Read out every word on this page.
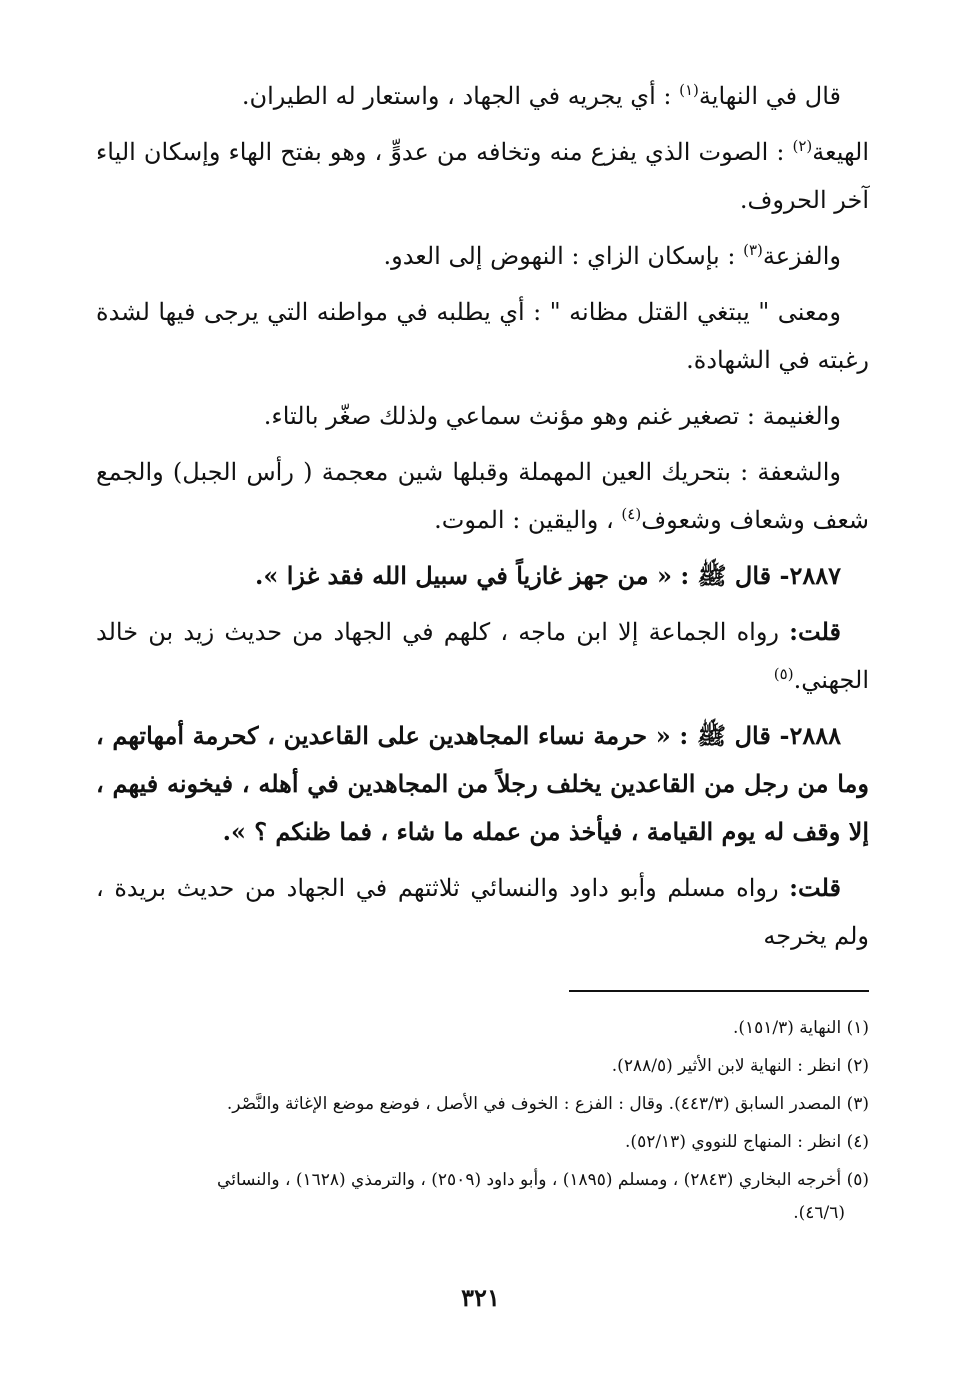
قال في النهاية$^{(١)}$ : أي يجريه في الجهاد ، واستعار له الطيران.

الهيعة$^{(٢)}$ : الصوت الذي يفزع منه وتخافه من عدوٍّ ، وهو بفتح الهاء وإسكان الياء آخر الحروف.

والفزعة$^{(٣)}$ : بإسكان الزاي : النهوض إلى العدو.

ومعنى " يبتغي القتل مظانه " : أي يطلبه في مواطنه التي يرجى فيها لشدة رغبته في الشهادة.

والغنيمة : تصغير غنم وهو مؤنث سماعي ولذلك صغّر بالتاء.

والشعفة : بتحريك العين المهملة وقبلها شين معجمة ( رأس الجبل) والجمع شعف وشعاف وشعوف$^{(٤)}$ ، واليقين : الموت.

٢٨٨٧- قال ﷺ : « من جهز غازياً في سبيل الله فقد غزا ».

قلت: رواه الجماعة إلا ابن ماجه ، كلهم في الجهاد من حديث زيد بن خالد الجهني.$^{(٥)}$

٢٨٨٨- قال ﷺ : « حرمة نساء المجاهدين على القاعدين ، كحرمة أمهاتهم ، وما من رجل من القاعدين يخلف رجلاً من المجاهدين في أهله ، فيخونه فيهم ، إلا وقف له يوم القيامة ، فيأخذ من عمله ما شاء ، فما ظنكم ؟ ».

قلت: رواه مسلم وأبو داود والنسائي ثلاثتهم في الجهاد من حديث بريدة ، ولم يخرجه

(١) النهاية (١٥١/٣).

(٢) انظر : النهاية لابن الأثير (٢٨٨/٥).

(٣) المصدر السابق (٤٤٣/٣). وقال : الفزع : الخوف في الأصل ، فوضع موضع الإغاثة والنَّصْر.

(٤) انظر : المنهاج للنووي (٥٢/١٣).

(٥) أخرجه البخاري (٢٨٤٣) ، ومسلم (١٨٩٥) ، وأبو داود (٢٥٠٩) ، والترمذي (١٦٢٨) ، والنسائي
(٤٦/٦).

٣٢١
